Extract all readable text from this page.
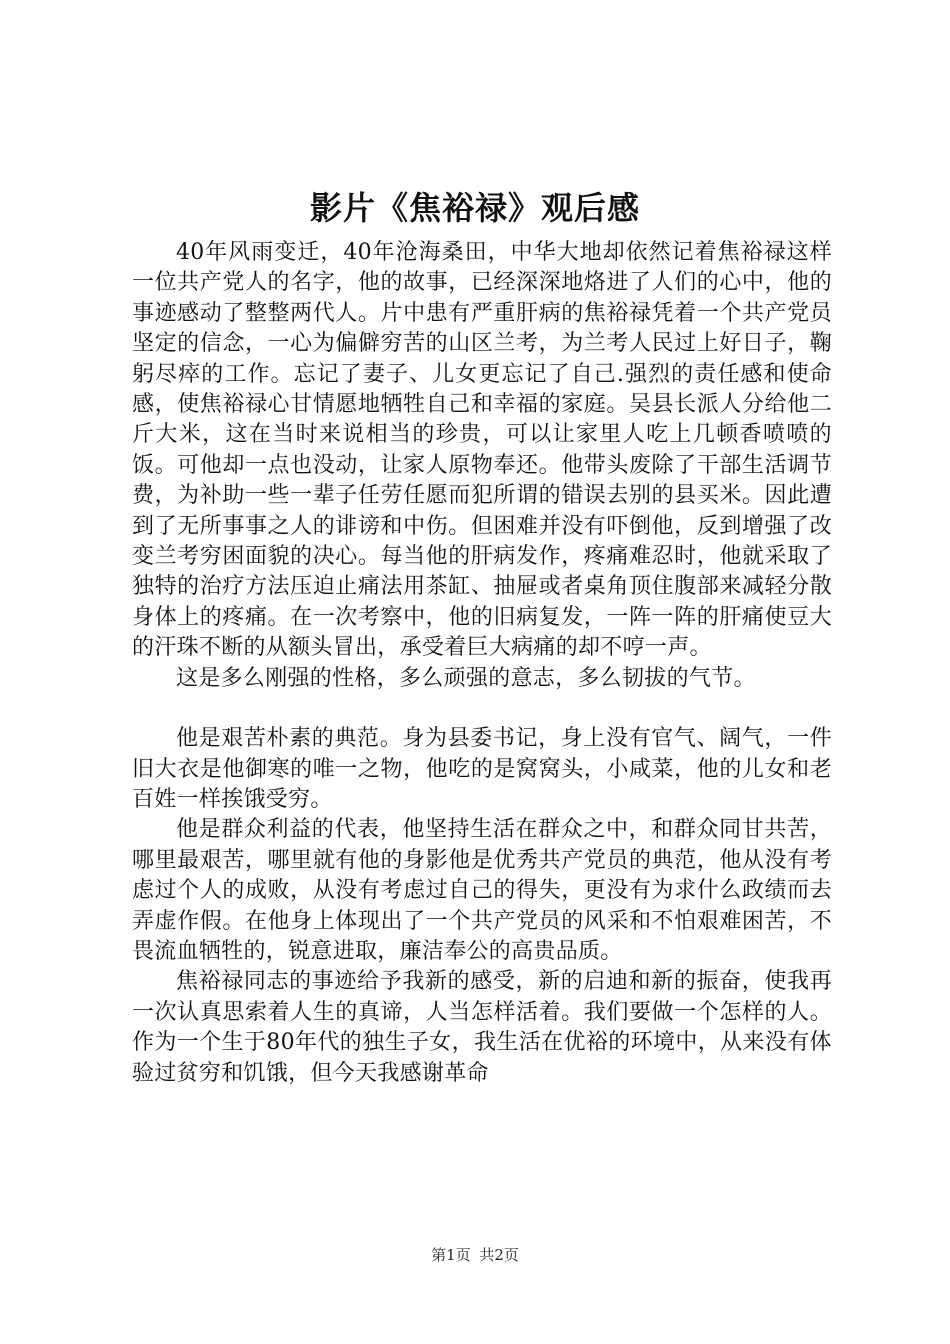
影片《焦裕禄》观后感

40年风雨变迁，40年沧海桑田，中华大地却依然记着焦裕禄这样一位共产党人的名字，他的故事，已经深深地烙进了人们的心中，他的事迹感动了整整两代人。片中患有严重肝病的焦裕禄凭着一个共产党员坚定的信念，一心为偏僻穷苦的山区兰考，为兰考人民过上好日子，鞠躬尽瘁的工作。忘记了妻子、儿女更忘记了自己.强烈的责任感和使命感，使焦裕禄心甘情愿地牺牲自己和幸福的家庭。吴县长派人分给他二斤大米，这在当时来说相当的珍贵，可以让家里人吃上几顿香喷喷的饭。可他却一点也没动，让家人原物奉还。他带头废除了干部生活调节费，为补助一些一辈子任劳任愿而犯所谓的错误去别的县买米。因此遭到了无所事事之人的诽谤和中伤。但困难并没有吓倒他，反到增强了改变兰考穷困面貌的决心。每当他的肝病发作，疼痛难忍时，他就采取了独特的治疗方法压迫止痛法用茶缸、抽屉或者桌角顶住腹部来减轻分散身体上的疼痛。在一次考察中，他的旧病复发，一阵一阵的肝痛使豆大的汗珠不断的从额头冒出，承受着巨大病痛的却不哼一声。

这是多么刚强的性格，多么顽强的意志，多么韧拔的气节。

他是艰苦朴素的典范。身为县委书记，身上没有官气、阔气，一件旧大衣是他御寒的唯一之物，他吃的是窝窝头，小咸菜，他的儿女和老百姓一样挨饿受穷。

他是群众利益的代表，他坚持生活在群众之中，和群众同甘共苦，哪里最艰苦，哪里就有他的身影他是优秀共产党员的典范，他从没有考虑过个人的成败，从没有考虑过自己的得失，更没有为求什么政绩而去弄虚作假。在他身上体现出了一个共产党员的风采和不怕艰难困苦，不畏流血牺牲的，锐意进取，廉洁奉公的高贵品质。

焦裕禄同志的事迹给予我新的感受，新的启迪和新的振奋，使我再一次认真思索着人生的真谛，人当怎样活着。我们要做一个怎样的人。作为一个生于80年代的独生子女，我生活在优裕的环境中，从来没有体验过贫穷和饥饿，但今天我感谢革命

第1页 共2页
